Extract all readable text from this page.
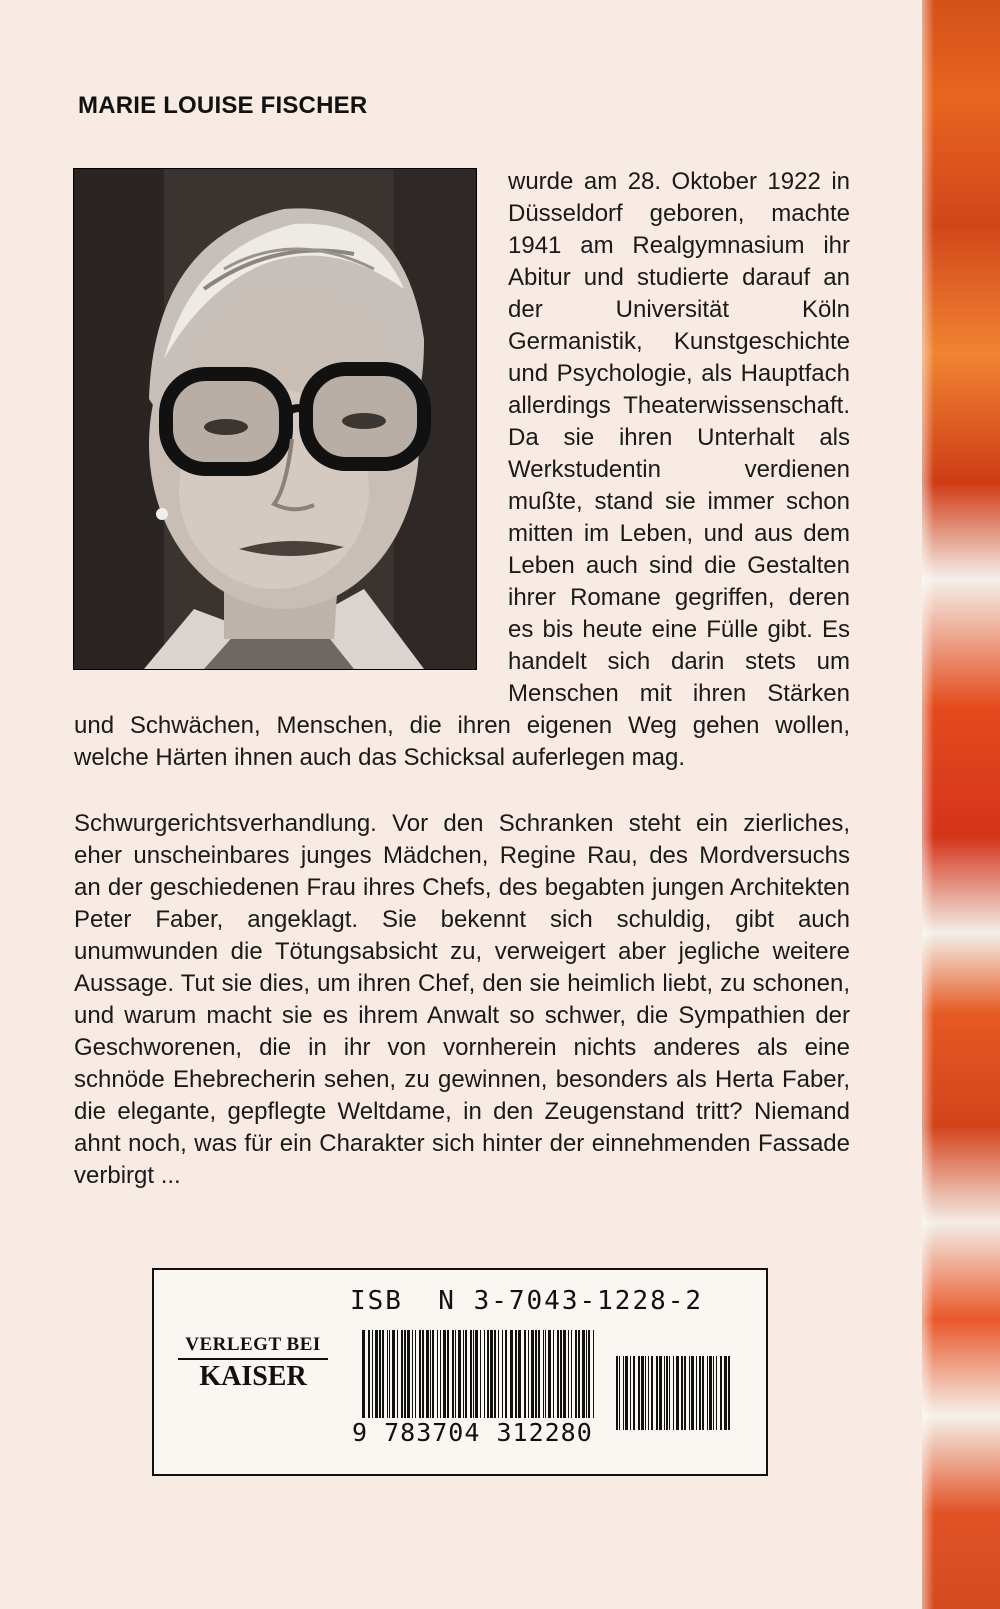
MARIE LOUISE FISCHER

wurde am 28. Oktober 1922 in Düsseldorf geboren, machte 1941 am Realgymnasium ihr Abitur und studierte darauf an der Universität Köln Germanistik, Kunstgeschichte und Psychologie, als Hauptfach allerdings Theaterwissenschaft. Da sie ihren Unterhalt als Werkstudentin verdienen mußte, stand sie immer schon mitten im Leben, und aus dem Leben auch sind die Gestalten ihrer Romane gegriffen, deren es bis heute eine Fülle gibt. Es handelt sich darin stets um Menschen mit ihren Stärken und Schwächen, Menschen, die ihren eigenen Weg gehen wollen, welche Härten ihnen auch das Schicksal auferlegen mag.

Schwurgerichtsverhandlung. Vor den Schranken steht ein zierliches, eher unscheinbares junges Mädchen, Regine Rau, des Mordversuchs an der geschiedenen Frau ihres Chefs, des begabten jungen Architekten Peter Faber, angeklagt. Sie bekennt sich schuldig, gibt auch unumwunden die Tötungsabsicht zu, verweigert aber jegliche weitere Aussage. Tut sie dies, um ihren Chef, den sie heimlich liebt, zu schonen, und warum macht sie es ihrem Anwalt so schwer, die Sympathien der Geschworenen, die in ihr von vornherein nichts anderes als eine schnöde Ehebrecherin sehen, zu gewinnen, besonders als Herta Faber, die elegante, gepflegte Weltdame, in den Zeugenstand tritt? Niemand ahnt noch, was für ein Charakter sich hinter der einnehmenden Fassade verbirgt ...

ISB  N 3-7043-1228-2
VERLEGT BEI
KAISER
9 783704 312280
